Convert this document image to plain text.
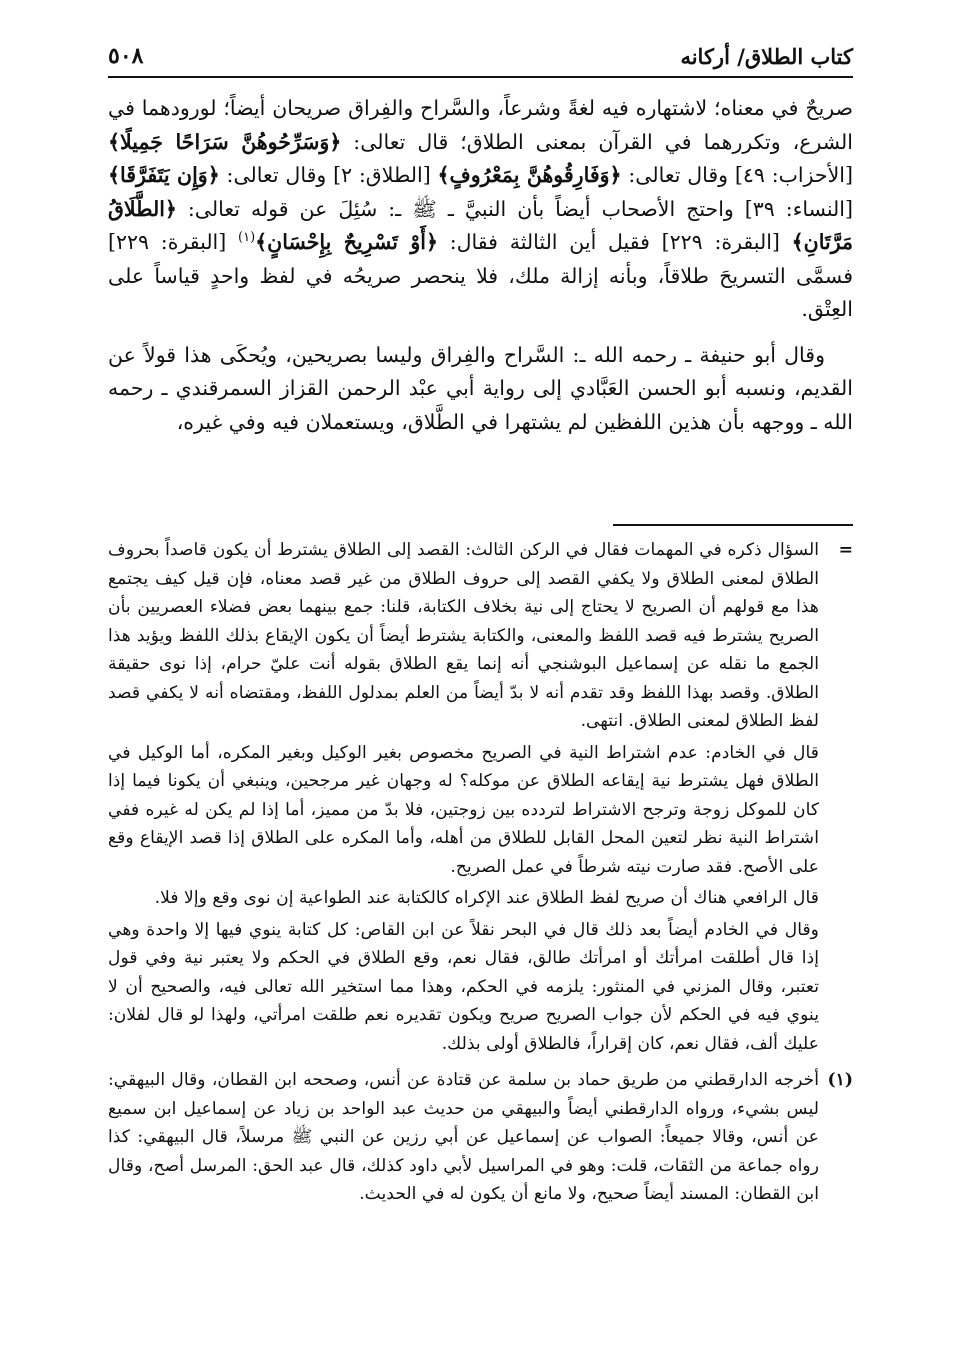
كتاب الطلاق/ أركانه
٥٠٨

صريحٌ في معناه؛ لاشتهاره فيه لغةً وشرعاً، والسَّراح والفِراق صريحان أيضاً؛ لورودهما في الشرع، وتكررهما في القرآن بمعنى الطلاق؛ قال تعالى: ﴿وَسَرِّحُوهُنَّ سَرَاحًا جَمِيلًا﴾ [الأحزاب: ٤٩] وقال تعالى: ﴿وَفَارِقُوهُنَّ بِمَعْرُوفٍ﴾ [الطلاق: ٢] وقال تعالى: ﴿وَإِن يَتَفَرَّقَا﴾ [النساء: ٣٩] واحتج الأصحاب أيضاً بأن النبيَّ ـ ﷺ ـ: سُئِلَ عن قوله تعالى: ﴿الطَّلَاقُ مَرَّتَانِ﴾ [البقرة: ٢٢٩] فقيل أين الثالثة فقال: ﴿أَوْ تَسْرِيحٌ بِإِحْسَانٍ﴾$^{(١)}$ [البقرة: ٢٢٩] فسمَّى التسريحَ طلاقاً، وبأنه إزالة ملك، فلا ينحصر صريحُه في لفظ واحدٍ قياساً على العِتْق.

وقال أبو حنيفة ـ رحمه الله ـ: السَّراح والفِراق وليسا بصريحين، ويُحكَى هذا قولاً عن القديم، ونسبه أبو الحسن العَبَّادي إلى رواية أبي عبْد الرحمن القزاز السمرقندي ـ رحمه الله ـ ووجهه بأن هذين اللفظين لم يشتهرا في الطَّلاق، ويستعملان فيه وفي غيره،

=

السؤال ذكره في المهمات فقال في الركن الثالث: القصد إلى الطلاق يشترط أن يكون قاصداً بحروف الطلاق لمعنى الطلاق ولا يكفي القصد إلى حروف الطلاق من غير قصد معناه، فإن قيل كيف يجتمع هذا مع قولهم أن الصريح لا يحتاج إلى نية بخلاف الكتابة، قلنا: جمع بينهما بعض فضلاء العصريين بأن الصريح يشترط فيه قصد اللفظ والمعنى، والكتابة يشترط أيضاً أن يكون الإيقاع بذلك اللفظ ويؤيد هذا الجمع ما نقله عن إسماعيل البوشنجي أنه إنما يقع الطلاق بقوله أنت عليّ حرام، إذا نوى حقيقة الطلاق. وقصد بهذا اللفظ وقد تقدم أنه لا بدّ أيضاً من العلم بمدلول اللفظ، ومقتضاه أنه لا يكفي قصد لفظ الطلاق لمعنى الطلاق. انتهى.

قال في الخادم: عدم اشتراط النية في الصريح مخصوص بغير الوكيل وبغير المكره، أما الوكيل في الطلاق فهل يشترط نية إيقاعه الطلاق عن موكله؟ له وجهان غير مرجحين، وينبغي أن يكونا فيما إذا كان للموكل زوجة وترجح الاشتراط لتردده بين زوجتين، فلا بدّ من مميز، أما إذا لم يكن له غيره ففي اشتراط النية نظر لتعين المحل القابل للطلاق من أهله، وأما المكره على الطلاق إذا قصد الإيقاع وقع على الأصح. فقد صارت نيته شرطاً في عمل الصريح.

قال الرافعي هناك أن صريح لفظ الطلاق عند الإكراه كالكتابة عند الطواعية إن نوى وقع وإلا فلا.

وقال في الخادم أيضاً بعد ذلك قال في البحر نقلاً عن ابن القاص: كل كتابة ينوي فيها إلا واحدة وهي إذا قال أطلقت امرأتك أو امرأتك طالق، فقال نعم، وقع الطلاق في الحكم ولا يعتبر نية وفي قول تعتبر، وقال المزني في المنثور: يلزمه في الحكم، وهذا مما استخير الله تعالى فيه، والصحيح أن لا ينوي فيه في الحكم لأن جواب الصريح صريح ويكون تقديره نعم طلقت امرأتي، ولهذا لو قال لفلان: عليك ألف، فقال نعم، كان إقراراً، فالطلاق أولى بذلك.

(١)

أخرجه الدارقطني من طريق حماد بن سلمة عن قتادة عن أنس، وصححه ابن القطان، وقال البيهقي: ليس بشيء، ورواه الدارقطني أيضاً والبيهقي من حديث عبد الواحد بن زياد عن إسماعيل ابن سميع عن أنس، وقالا جميعاً: الصواب عن إسماعيل عن أبي رزين عن النبي ﷺ مرسلاً، قال البيهقي: كذا رواه جماعة من الثقات، قلت: وهو في المراسيل لأبي داود كذلك، قال عبد الحق: المرسل أصح، وقال ابن القطان: المسند أيضاً صحيح، ولا مانع أن يكون له في الحديث.
